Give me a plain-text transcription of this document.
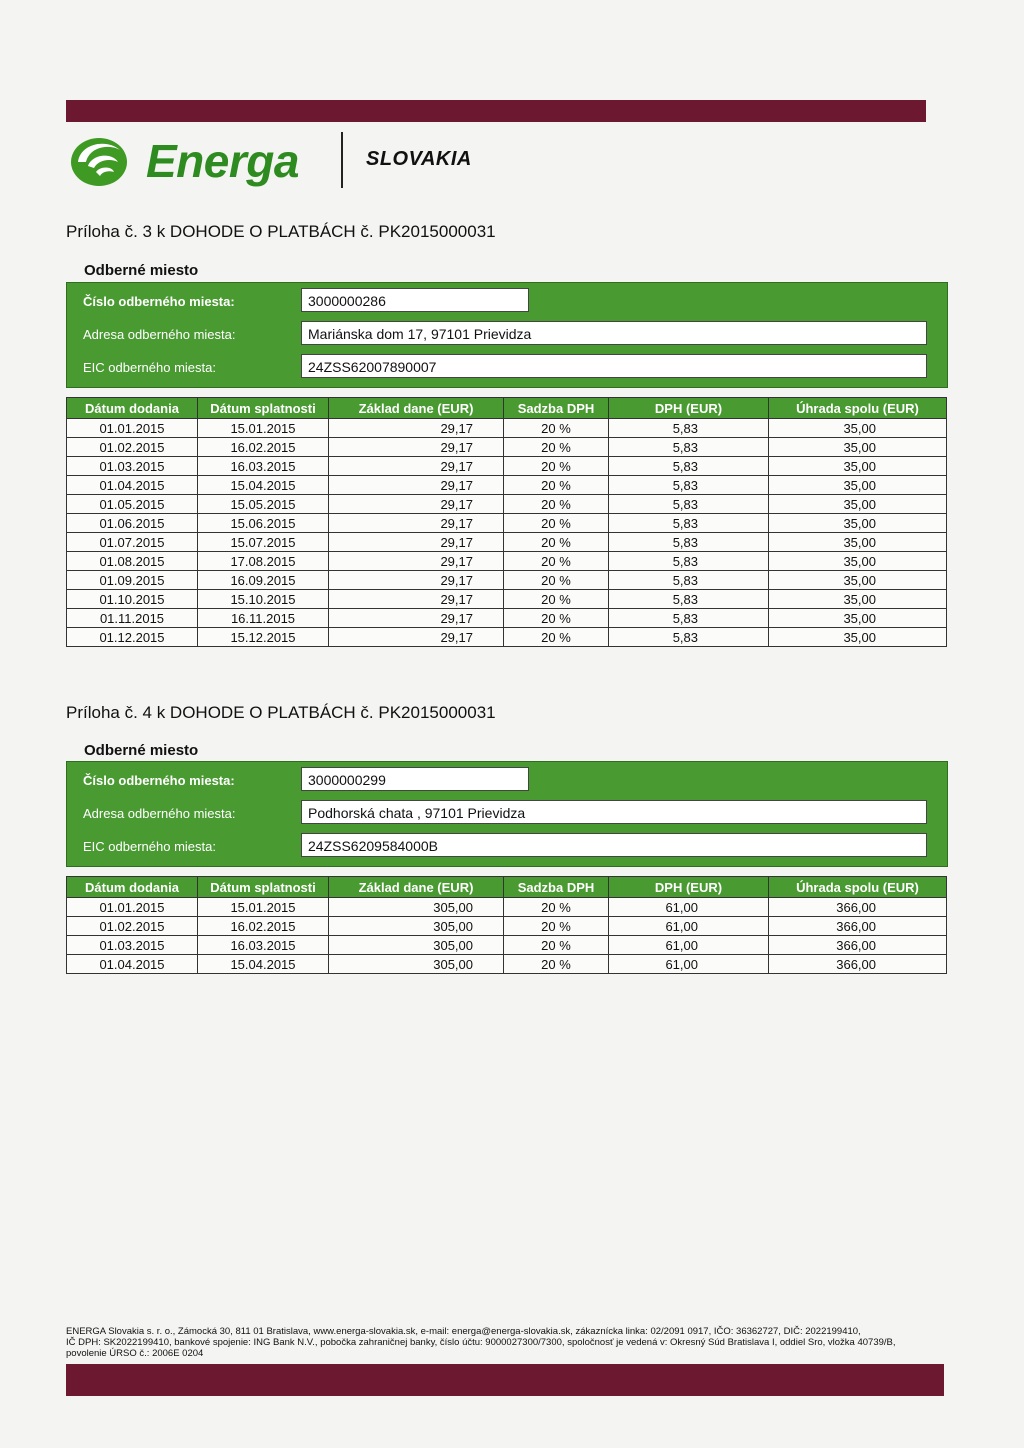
Energa	SLOVAKIA
Príloha č. 3 k DOHODE O PLATBÁCH č. PK2015000031
Odberné miesto
Číslo odberného miesta:	3000000286
Adresa odberného miesta:	Mariánska dom 17, 97101 Prievidza
EIC odberného miesta:	24ZSS62007890007
Dátum dodania	Dátum splatnosti	Základ dane (EUR)	Sadzba DPH	DPH (EUR)	Úhrada spolu (EUR)
01.01.2015	15.01.2015	29,17	20 %	5,83	35,00
01.02.2015	16.02.2015	29,17	20 %	5,83	35,00
01.03.2015	16.03.2015	29,17	20 %	5,83	35,00
01.04.2015	15.04.2015	29,17	20 %	5,83	35,00
01.05.2015	15.05.2015	29,17	20 %	5,83	35,00
01.06.2015	15.06.2015	29,17	20 %	5,83	35,00
01.07.2015	15.07.2015	29,17	20 %	5,83	35,00
01.08.2015	17.08.2015	29,17	20 %	5,83	35,00
01.09.2015	16.09.2015	29,17	20 %	5,83	35,00
01.10.2015	15.10.2015	29,17	20 %	5,83	35,00
01.11.2015	16.11.2015	29,17	20 %	5,83	35,00
01.12.2015	15.12.2015	29,17	20 %	5,83	35,00
Príloha č. 4 k DOHODE O PLATBÁCH č. PK2015000031
Odberné miesto
Číslo odberného miesta:	3000000299
Adresa odberného miesta:	Podhorská chata , 97101 Prievidza
EIC odberného miesta:	24ZSS6209584000B
Dátum dodania	Dátum splatnosti	Základ dane (EUR)	Sadzba DPH	DPH (EUR)	Úhrada spolu (EUR)
01.01.2015	15.01.2015	305,00	20 %	61,00	366,00
01.02.2015	16.02.2015	305,00	20 %	61,00	366,00
01.03.2015	16.03.2015	305,00	20 %	61,00	366,00
01.04.2015	15.04.2015	305,00	20 %	61,00	366,00

ENERGA Slovakia s. r. o., Zámocká 30, 811 01 Bratislava, www.energa-slovakia.sk, e-mail: energa@energa-slovakia.sk, zákaznícka linka: 02/2091 0917, IČO: 36362727, DIČ: 2022199410,

IČ DPH: SK2022199410, bankové spojenie: ING Bank N.V., pobočka zahraničnej banky, číslo účtu: 9000027300/7300, spoločnosť je vedená v: Okresný Súd Bratislava I, oddiel Sro, vložka 40739/B,

povolenie ÚRSO č.: 2006E 0204
